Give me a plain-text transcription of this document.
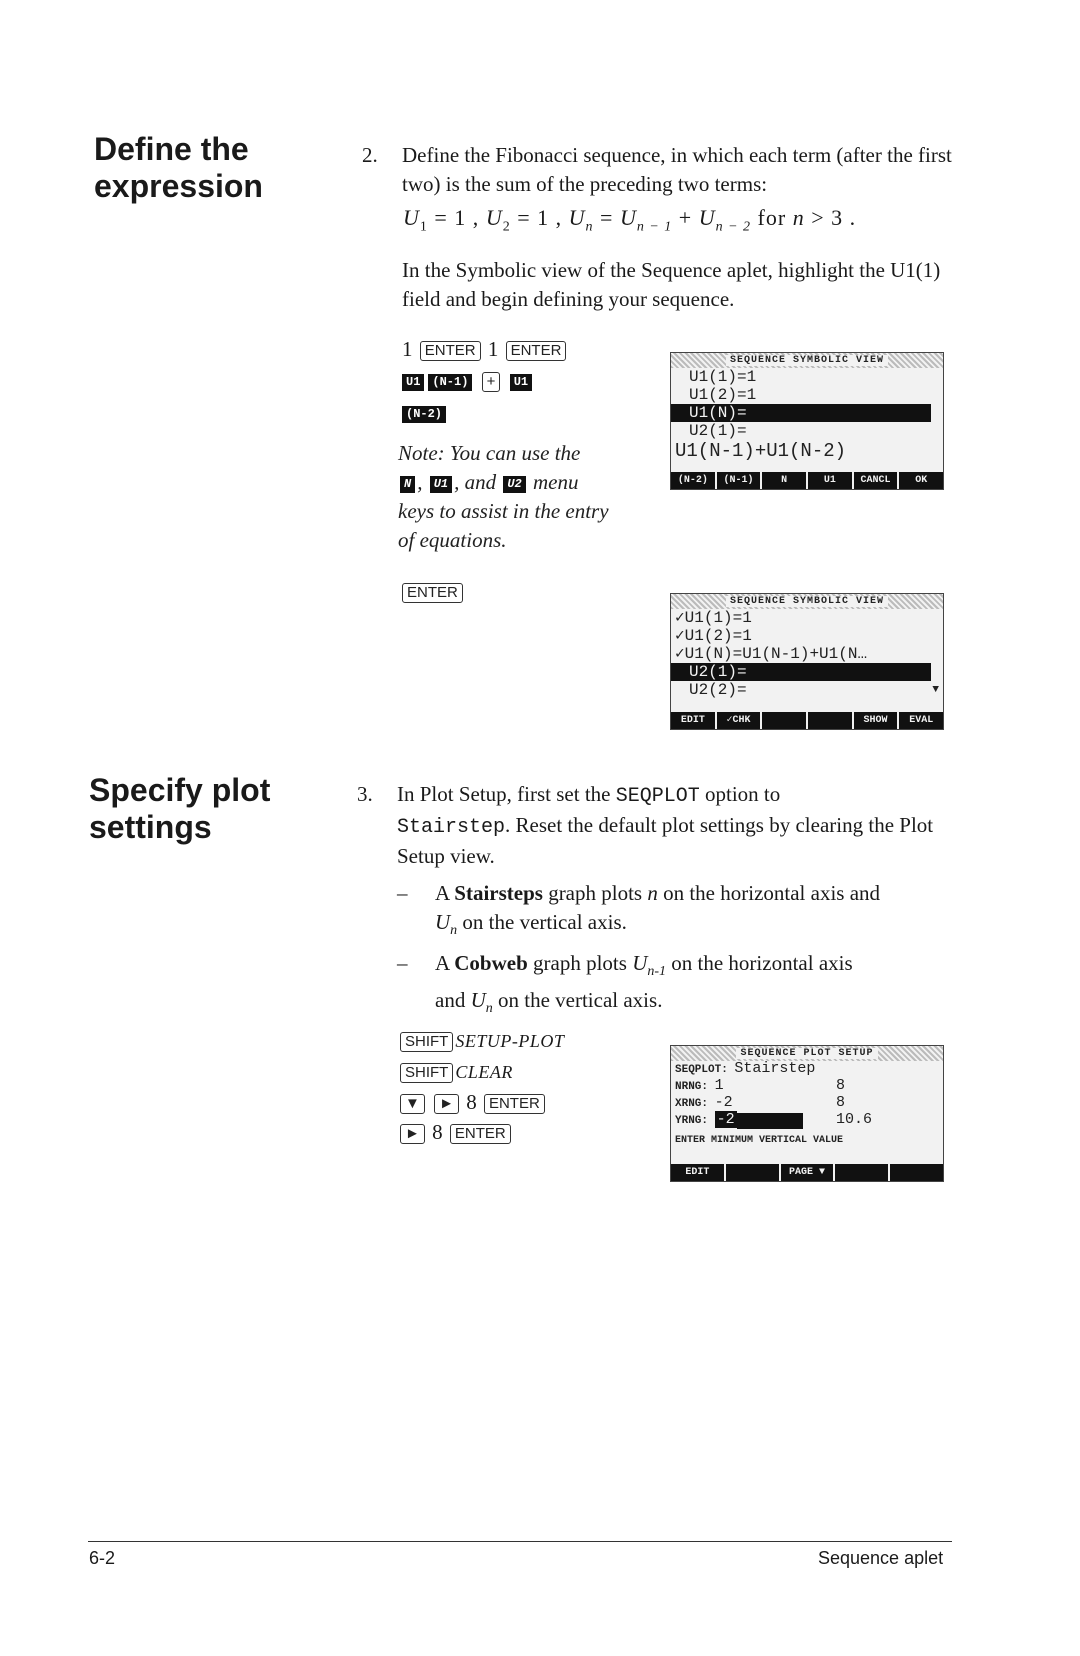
Define the
expression
2. Define the Fibonacci sequence, in which each term (after the first two) is the sum of the preceding two terms:
$U_1 = 1$ , $U_2 = 1$ , $U_n = U_{n - 1} + U_{n - 2}$ for n > 3 .
In the Symbolic view of the Sequence aplet, highlight the U1(1) field and begin defining your sequence.
1 ENTER 1 ENTER
U1 (N-1) + U1
(N-2)
Note: You can use the
N , U1 , and U2 menu
keys to assist in the entry
of equations.
ENTER
SEQUENCE SYMBOLIC VIEW
U1(1)=1
U1(2)=1
U1(N)=
U2(1)=
U1(N-1)+U1(N-2)
(N-2)	(N-1)	N	U1	CANCL	OK
SEQUENCE SYMBOLIC VIEW
✓U1(1)=1
✓U1(2)=1
✓U1(N)=U1(N-1)+U1(N…
U2(1)=
U2(2)=	▼
EDIT	✓CHK	SHOW	EVAL
Specify plot
settings
3. In Plot Setup, first set the SEQPLOT option to
Stairstep. Reset the default plot settings by clearing the Plot Setup view.
– A Stairsteps graph plots n on the horizontal axis and
$U_n$ on the vertical axis.
– A Cobweb graph plots $U_{n-1}$ on the horizontal axis
and $U_n$ on the vertical axis.
SHIFT SETUP-PLOT
SHIFT CLEAR
▼ ► 8 ENTER
► 8 ENTER
SEQUENCE PLOT SETUP
SEQPLOT: Stairstep
NRNG: 1	8
XRNG: -2	8
YRNG: -2	10.6
ENTER MINIMUM VERTICAL VALUE
EDIT	PAGE ▼
6-2	Sequence aplet
